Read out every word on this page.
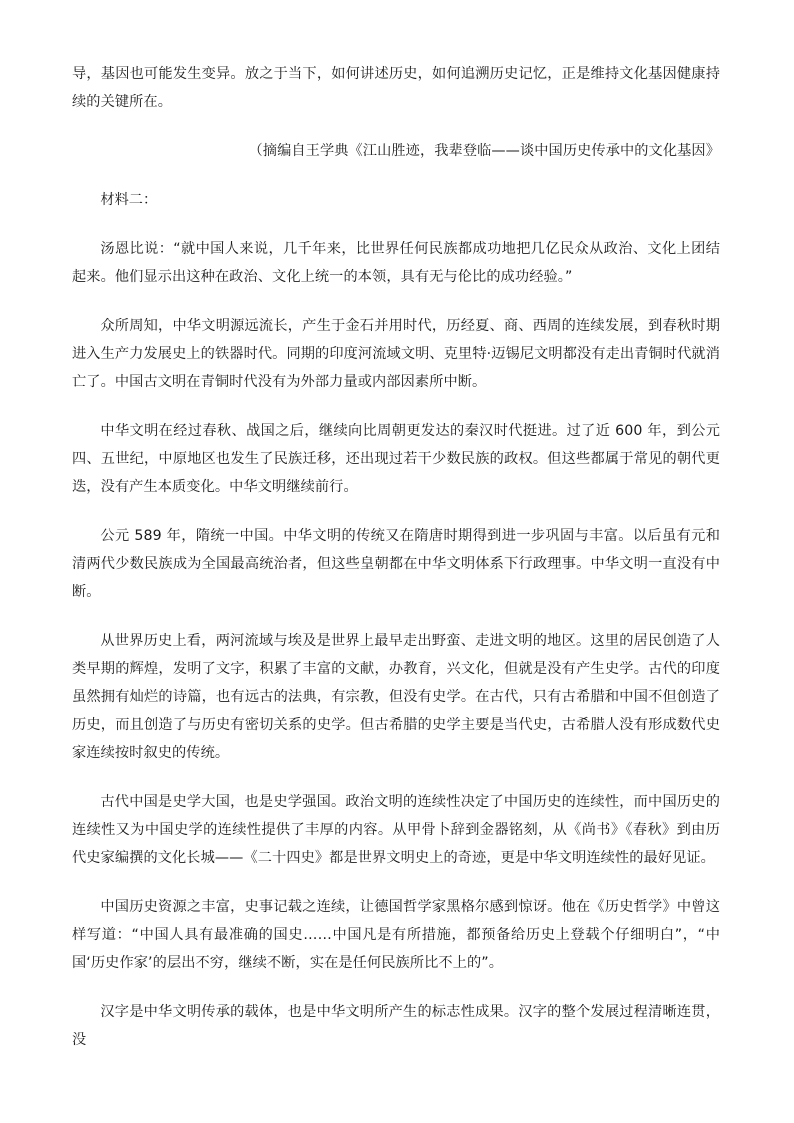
导，基因也可能发生变异。放之于当下，如何讲述历史，如何追溯历史记忆，正是维持文化基因健康持续的关键所在。

（摘编自王学典《江山胜迹，我辈登临——谈中国历史传承中的文化基因》

材料二：

汤恩比说：“就中国人来说，几千年来，比世界任何民族都成功地把几亿民众从政治、文化上团结起来。他们显示出这种在政治、文化上统一的本领，具有无与伦比的成功经验。”

众所周知，中华文明源远流长，产生于金石并用时代，历经夏、商、西周的连续发展，到春秋时期进入生产力发展史上的铁器时代。同期的印度河流域文明、克里特·迈锡尼文明都没有走出青铜时代就消亡了。中国古文明在青铜时代没有为外部力量或内部因素所中断。

中华文明在经过春秋、战国之后，继续向比周朝更发达的秦汉时代挺进。过了近 600 年，到公元四、五世纪，中原地区也发生了民族迁移，还出现过若干少数民族的政权。但这些都属于常见的朝代更迭，没有产生本质变化。中华文明继续前行。

公元 589 年，隋统一中国。中华文明的传统又在隋唐时期得到进一步巩固与丰富。以后虽有元和清两代少数民族成为全国最高统治者，但这些皇朝都在中华文明体系下行政理事。中华文明一直没有中断。

从世界历史上看，两河流域与埃及是世界上最早走出野蛮、走进文明的地区。这里的居民创造了人类早期的辉煌，发明了文字，积累了丰富的文献，办教育，兴文化，但就是没有产生史学。古代的印度虽然拥有灿烂的诗篇，也有远古的法典，有宗教，但没有史学。在古代，只有古希腊和中国不但创造了历史，而且创造了与历史有密切关系的史学。但古希腊的史学主要是当代史，古希腊人没有形成数代史家连续按时叙史的传统。

古代中国是史学大国，也是史学强国。政治文明的连续性决定了中国历史的连续性，而中国历史的连续性又为中国史学的连续性提供了丰厚的内容。从甲骨卜辞到金器铭刻，从《尚书》《春秋》到由历代史家编撰的文化长城——《二十四史》都是世界文明史上的奇迹，更是中华文明连续性的最好见证。

中国历史资源之丰富，史事记载之连续，让德国哲学家黑格尔感到惊讶。他在《历史哲学》中曾这样写道：“中国人具有最准确的国史……中国凡是有所措施，都预备给历史上登载个仔细明白”，“中国‘历史作家’的层出不穷，继续不断，实在是任何民族所比不上的”。

汉字是中华文明传承的载体，也是中华文明所产生的标志性成果。汉字的整个发展过程清晰连贯，没
